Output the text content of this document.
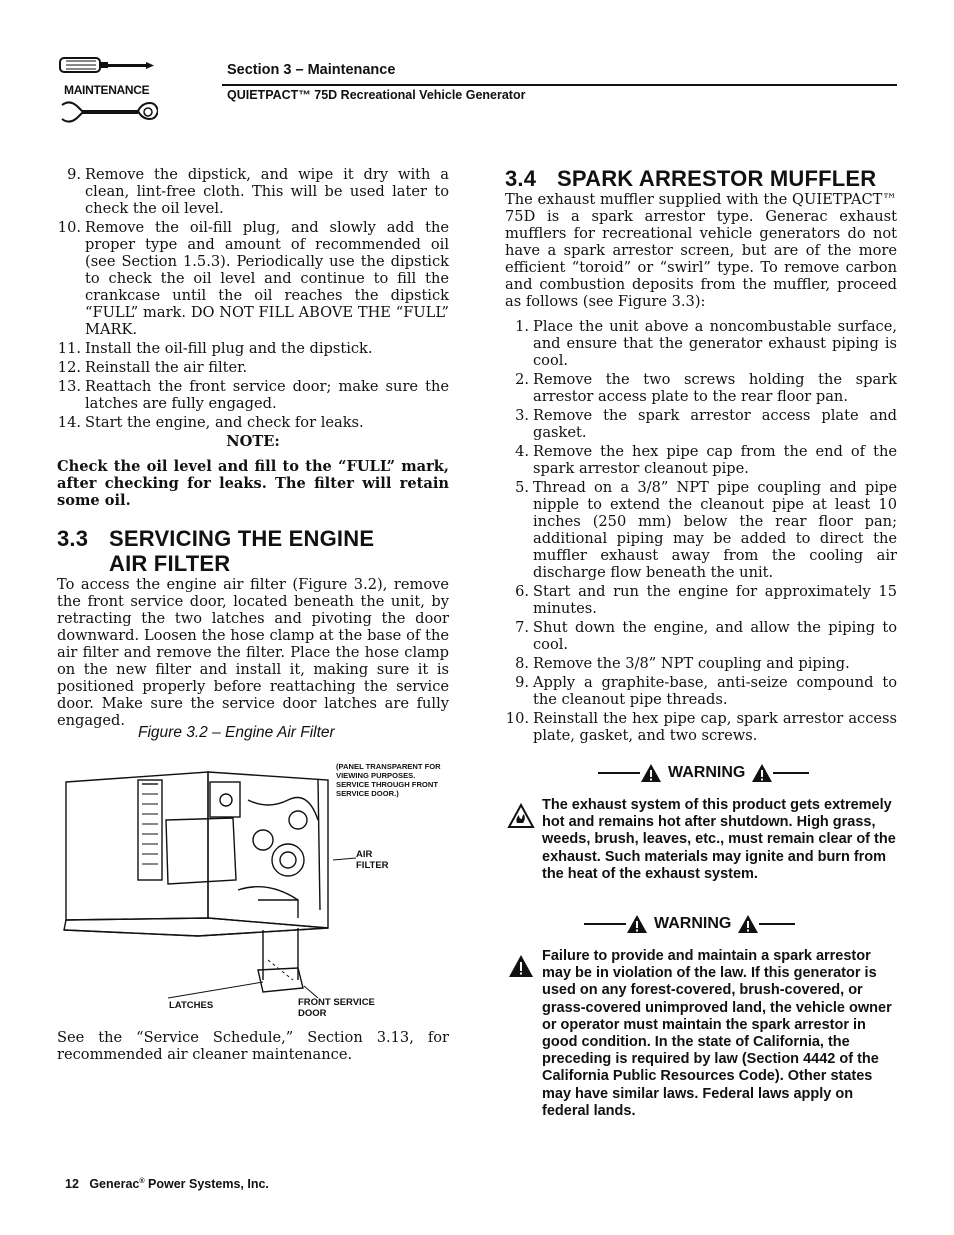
MAINTENANCE
Section 3 – Maintenance
QUIETPACT™ 75D Recreational Vehicle Generator
9. Remove the dipstick, and wipe it dry with a clean, lint-free cloth. This will be used later to check the oil level.
10. Remove the oil-fill plug, and slowly add the proper type and amount of recommended oil (see Section 1.5.3). Periodically use the dipstick to check the oil level and continue to fill the crankcase until the oil reaches the dipstick “FULL” mark. DO NOT FILL ABOVE THE “FULL” MARK.
11. Install the oil-fill plug and the dipstick.
12. Reinstall the air filter.
13. Reattach the front service door; make sure the latches are fully engaged.
14. Start the engine, and check for leaks.
NOTE:

Check the oil level and fill to the “FULL” mark, after checking for leaks. The filter will retain some oil.

3.3 SERVICING THE ENGINE
AIR FILTER

To access the engine air filter (Figure 3.2), remove the front service door, located beneath the unit, by retracting the two latches and pivoting the door downward. Loosen the hose clamp at the base of the air filter and remove the filter. Place the hose clamp on the new filter and install it, making sure it is positioned properly before reattaching the service door. Make sure the service door latches are fully engaged.

Figure 3.2 – Engine Air Filter
(PANEL TRANSPARENT FOR VIEWING PURPOSES. SERVICE THROUGH FRONT SERVICE DOOR.)
AIR FILTER
LATCHES	FRONT SERVICE DOOR

See the “Service Schedule,” Section 3.13, for recommended air cleaner maintenance.

3.4 SPARK ARRESTOR MUFFLER

The exhaust muffler supplied with the QUIETPACT™ 75D is a spark arrestor type. Generac exhaust mufflers for recreational vehicle generators do not have a spark arrestor screen, but are of the more efficient “toroid” or “swirl” type. To remove carbon and combustion deposits from the muffler, proceed as follows (see Figure 3.3):

1. Place the unit above a noncombustable surface, and ensure that the generator exhaust piping is cool.
2. Remove the two screws holding the spark arrestor access plate to the rear floor pan.
3. Remove the spark arrestor access plate and gasket.
4. Remove the hex pipe cap from the end of the spark arrestor cleanout pipe.
5. Thread on a 3/8” NPT pipe coupling and pipe nipple to extend the cleanout pipe at least 10 inches (250 mm) below the rear floor pan; additional piping may be added to direct the muffler exhaust away from the cooling air discharge flow beneath the unit.
6. Start and run the engine for approximately 15 minutes.
7. Shut down the engine, and allow the piping to cool.
8. Remove the 3/8” NPT coupling and piping.
9. Apply a graphite-base, anti-seize compound to the cleanout pipe threads.
10. Reinstall the hex pipe cap, spark arrestor access plate, gasket, and two screws.
WARNING
The exhaust system of this product gets extremely hot and remains hot after shutdown. High grass, weeds, brush, leaves, etc., must remain clear of the exhaust. Such materials may ignite and burn from the heat of the exhaust system.
WARNING
Failure to provide and maintain a spark arrestor may be in violation of the law. If this generator is used on any forest-covered, brush-covered, or grass-covered unimproved land, the vehicle owner or operator must maintain the spark arrestor in good condition. In the state of California, the preceding is required by law (Section 4442 of the California Public Resources Code). Other states may have similar laws. Federal laws apply on federal lands.
12 Generac® Power Systems, Inc.
